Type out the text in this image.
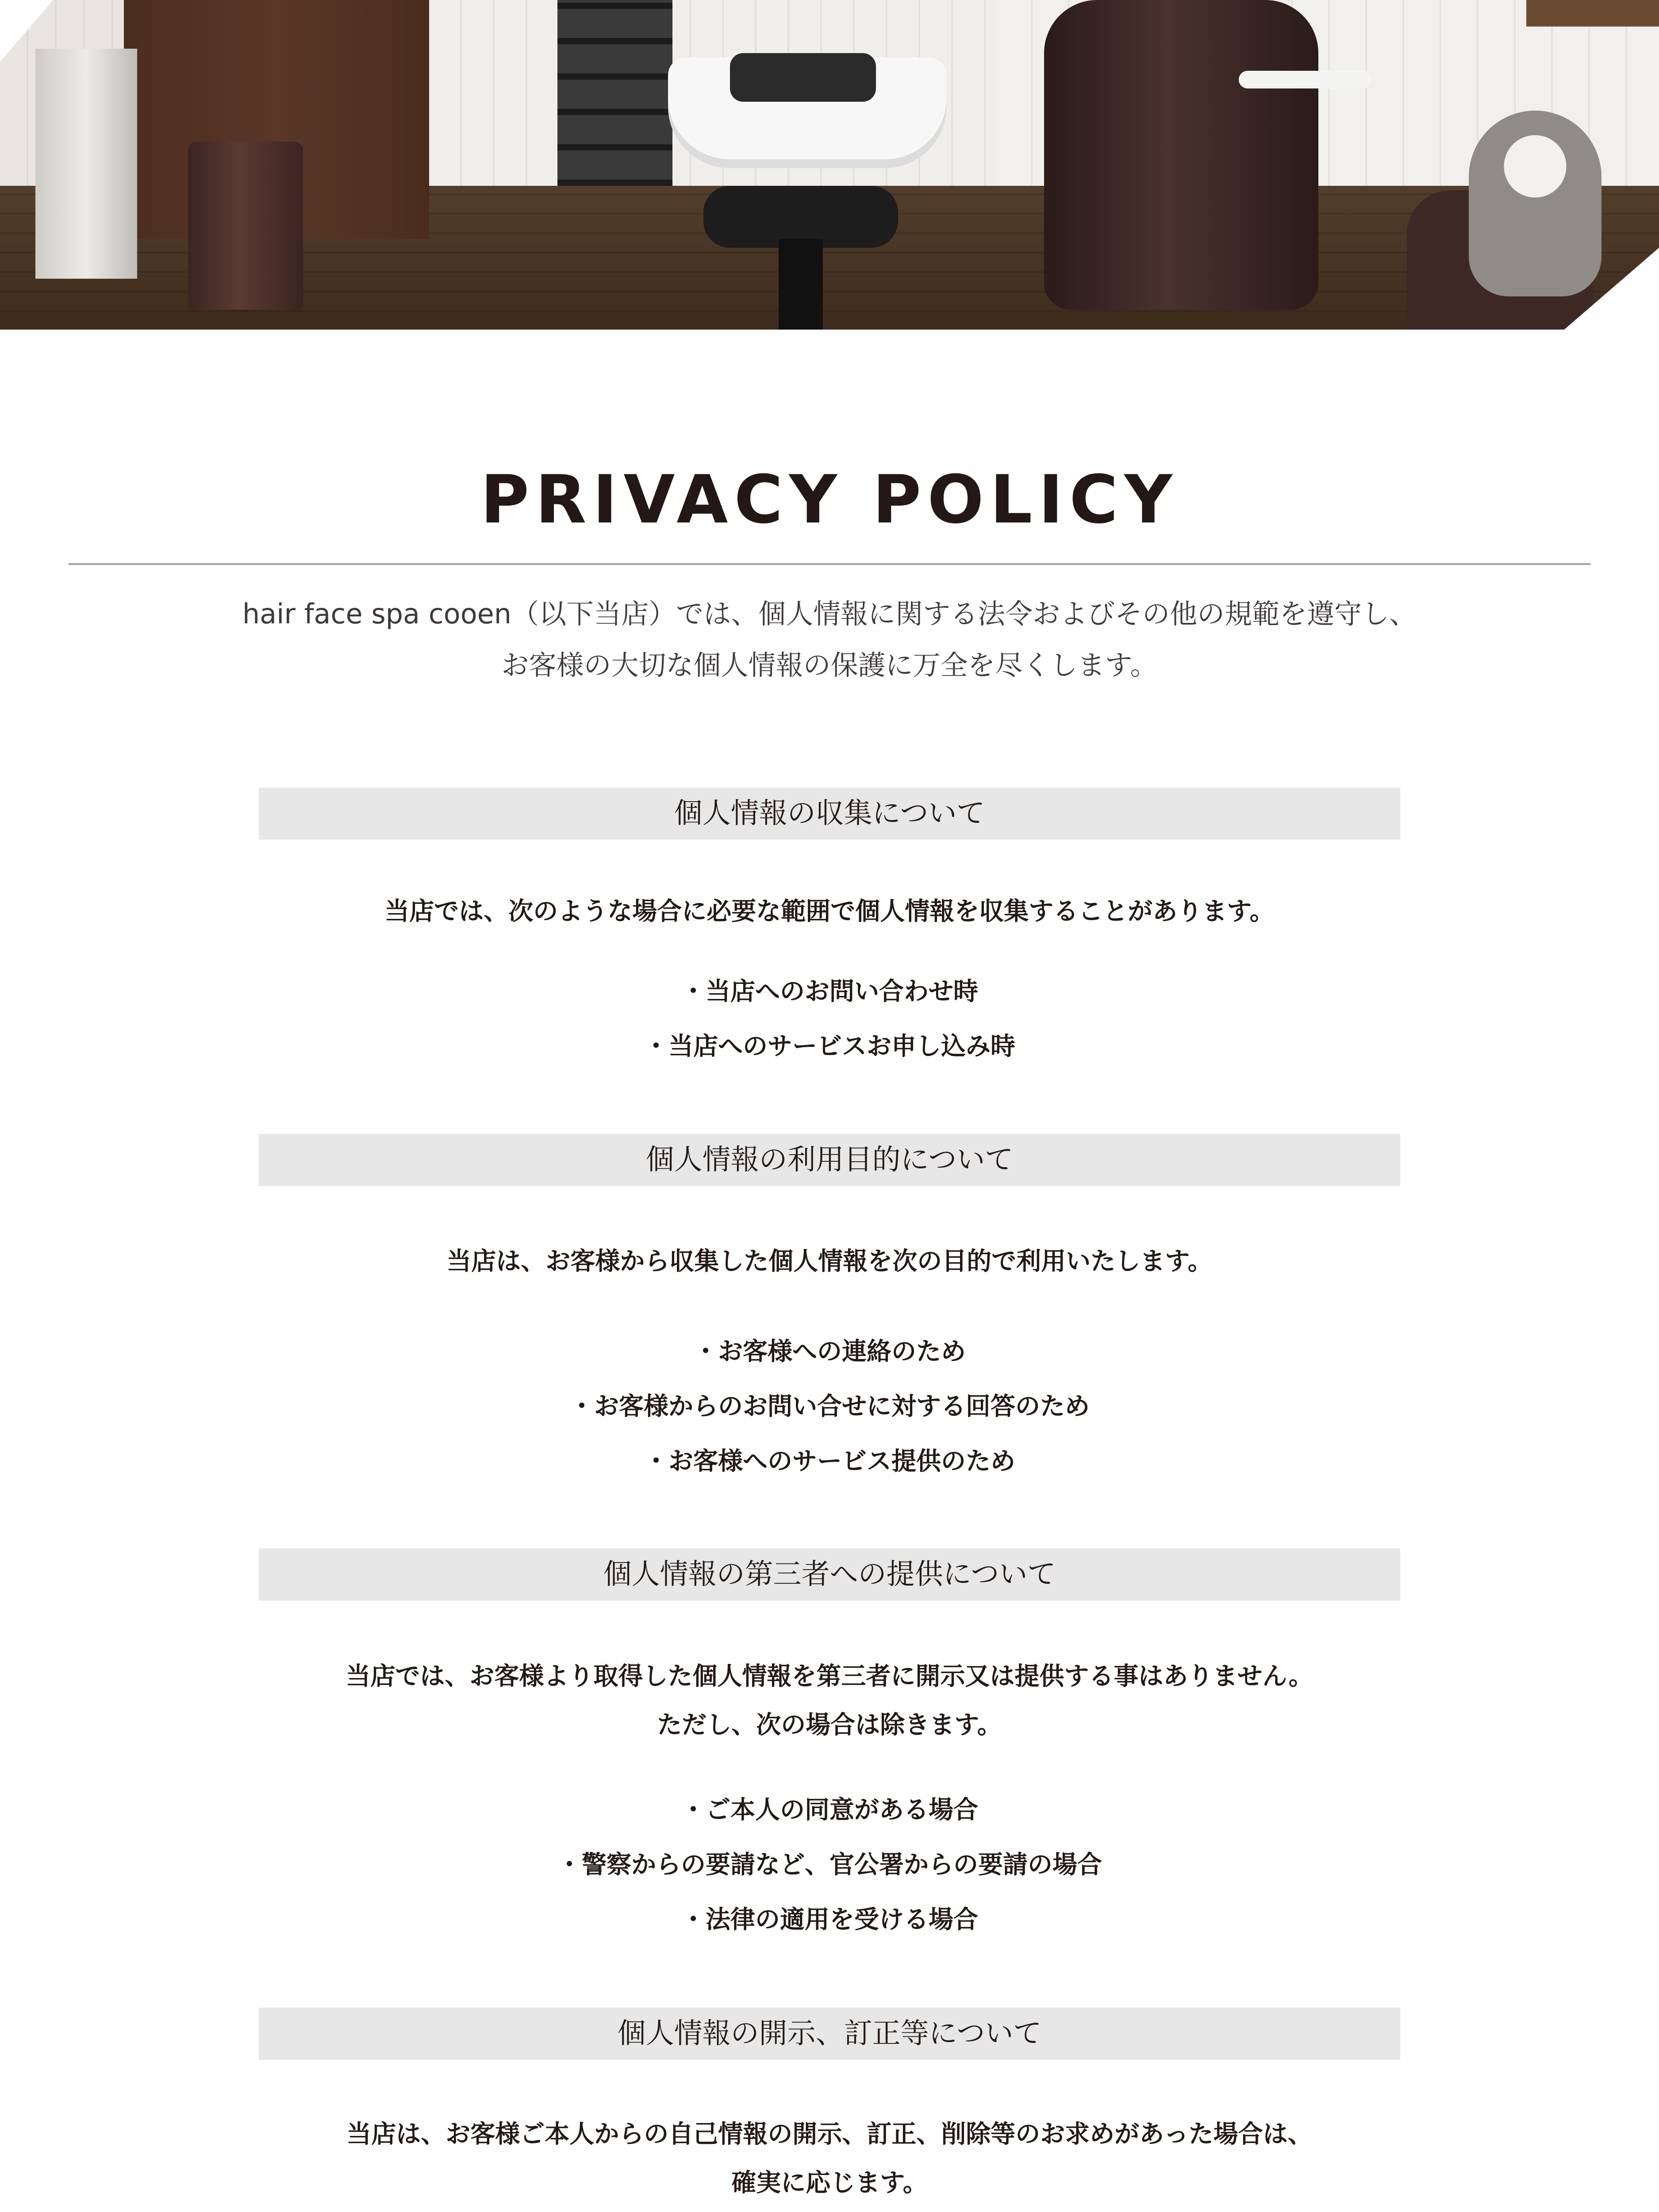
PRIVACY POLICY

hair face spa cooen（以下当店）では、個人情報に関する法令およびその他の規範を遵守し、

お客様の大切な個人情報の保護に万全を尽くします。

個人情報の収集について

当店では、次のような場合に必要な範囲で個人情報を収集することがあります。

・当店へのお問い合わせ時
・当店へのサービスお申し込み時
個人情報の利用目的について

当店は、お客様から収集した個人情報を次の目的で利用いたします。

・お客様への連絡のため
・お客様からのお問い合せに対する回答のため
・お客様へのサービス提供のため
個人情報の第三者への提供について

当店では、お客様より取得した個人情報を第三者に開示又は提供する事はありません。

ただし、次の場合は除きます。

・ご本人の同意がある場合
・警察からの要請など、官公署からの要請の場合
・法律の適用を受ける場合
個人情報の開示、訂正等について

当店は、お客様ご本人からの自己情報の開示、訂正、削除等のお求めがあった場合は、

確実に応じます。
